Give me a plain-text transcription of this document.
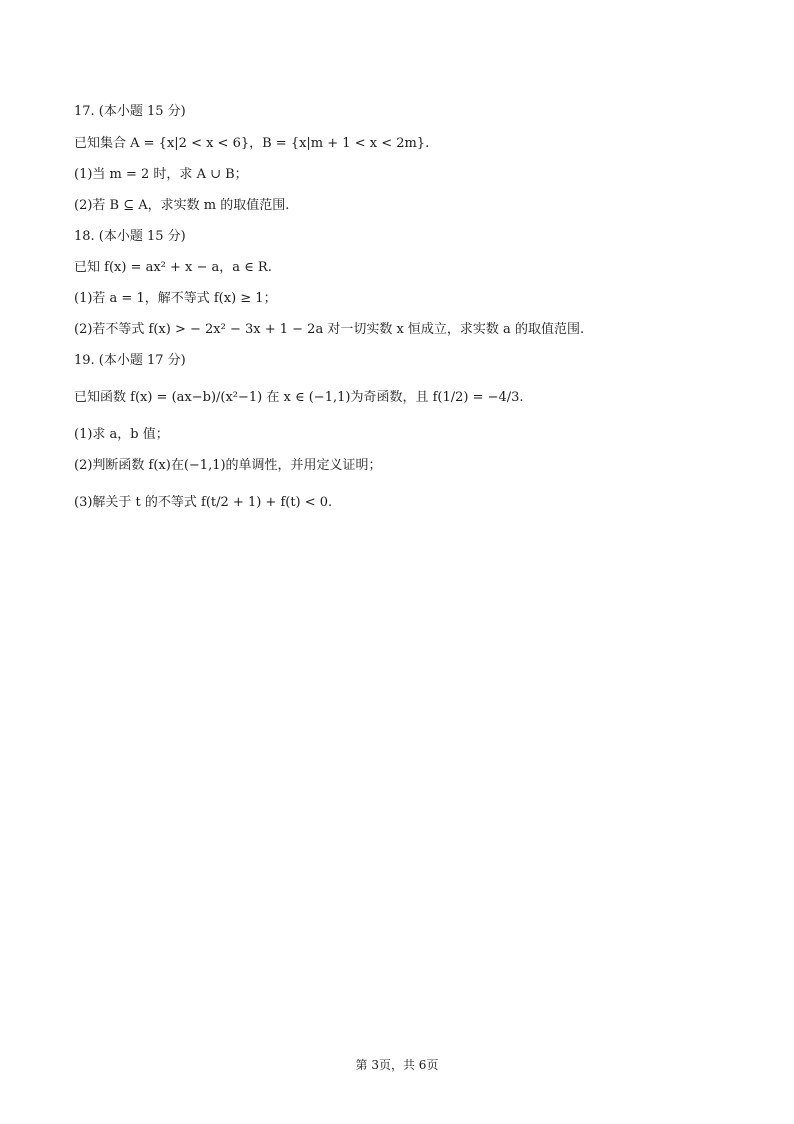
17. (本小题 15 分)
已知集合 A = {x|2 < x < 6}，B = {x|m + 1 < x < 2m}.
(1)当 m = 2 时，求 A ∪ B；
(2)若 B ⊆ A，求实数 m 的取值范围.
18. (本小题 15 分)
已知 f(x) = ax² + x − a，a ∈ R.
(1)若 a = 1，解不等式 f(x) ≥ 1；
(2)若不等式 f(x) > − 2x² − 3x + 1 − 2a 对一切实数 x 恒成立，求实数 a 的取值范围.
19. (本小题 17 分)
已知函数 f(x) = (ax−b)/(x²−1) 在 x ∈ (−1,1)为奇函数，且 f(1/2) = −4/3.
(1)求 a，b 值；
(2)判断函数 f(x)在(−1,1)的单调性，并用定义证明；
(3)解关于 t 的不等式 f(t/2 + 1) + f(t) < 0.
第 3页，共 6页
